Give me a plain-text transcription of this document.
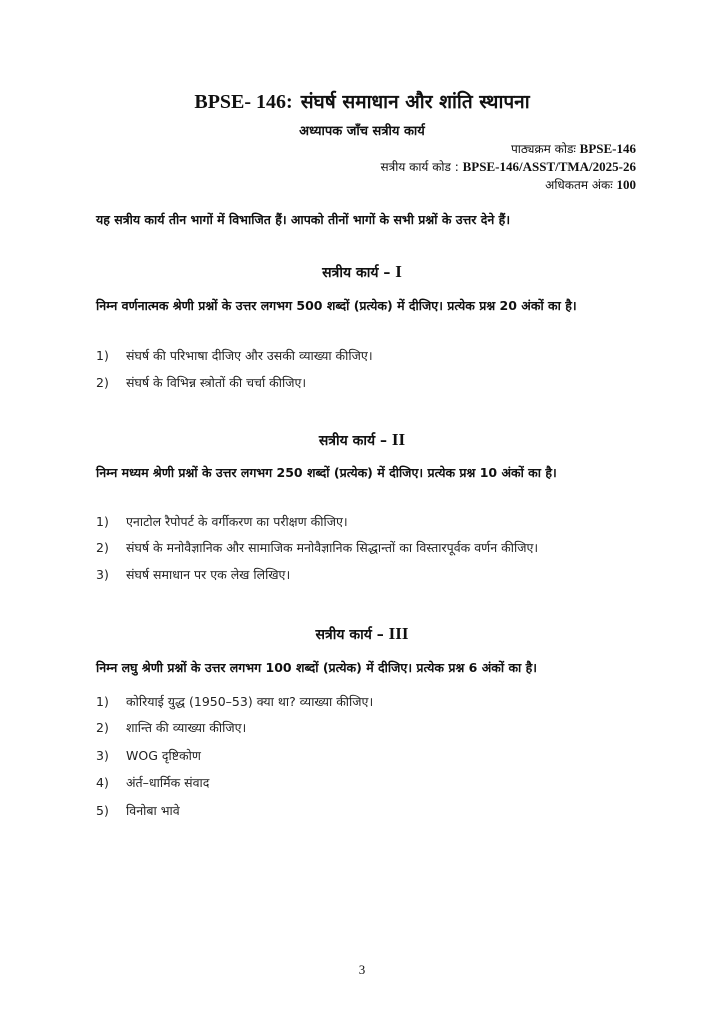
BPSE- 146: संघर्ष समाधान और शांति स्थापना
अध्यापक जाँच सत्रीय कार्य
पाठ्यक्रम कोडः BPSE-146
सत्रीय कार्य कोड : BPSE-146/ASST/TMA/2025-26
अधिकतम अंकः 100
यह सत्रीय कार्य तीन भागों में विभाजित हैं। आपको तीनों भागों के सभी प्रश्नों के उत्तर देने हैं।
सत्रीय कार्य – I
निम्न वर्णनात्मक श्रेणी प्रश्नों के उत्तर लगभग 500 शब्दों (प्रत्येक) में दीजिए। प्रत्येक प्रश्न 20 अंकों का है।
1) संघर्ष की परिभाषा दीजिए और उसकी व्याख्या कीजिए।
2) संघर्ष के विभिन्न स्त्रोतों की चर्चा कीजिए।
सत्रीय कार्य – II
निम्न मध्यम श्रेणी प्रश्नों के उत्तर लगभग 250 शब्दों (प्रत्येक) में दीजिए। प्रत्येक प्रश्न 10 अंकों का है।
1) एनाटोल रैपोपर्ट के वर्गीकरण का परीक्षण कीजिए।
2) संघर्ष के मनोवैज्ञानिक और सामाजिक मनोवैज्ञानिक सिद्धान्तों का विस्तारपूर्वक वर्णन कीजिए।
3) संघर्ष समाधान पर एक लेख लिखिए।
सत्रीय कार्य – III
निम्न लघु श्रेणी प्रश्नों के उत्तर लगभग 100 शब्दों (प्रत्येक) में दीजिए। प्रत्येक प्रश्न 6 अंकों का है।
1) कोरियाई युद्ध (1950–53) क्या था? व्याख्या कीजिए।
2) शान्ति की व्याख्या कीजिए।
3) WOG दृष्टिकोण
4) अंर्त–धार्मिक संवाद
5) विनोबा भावे
3
